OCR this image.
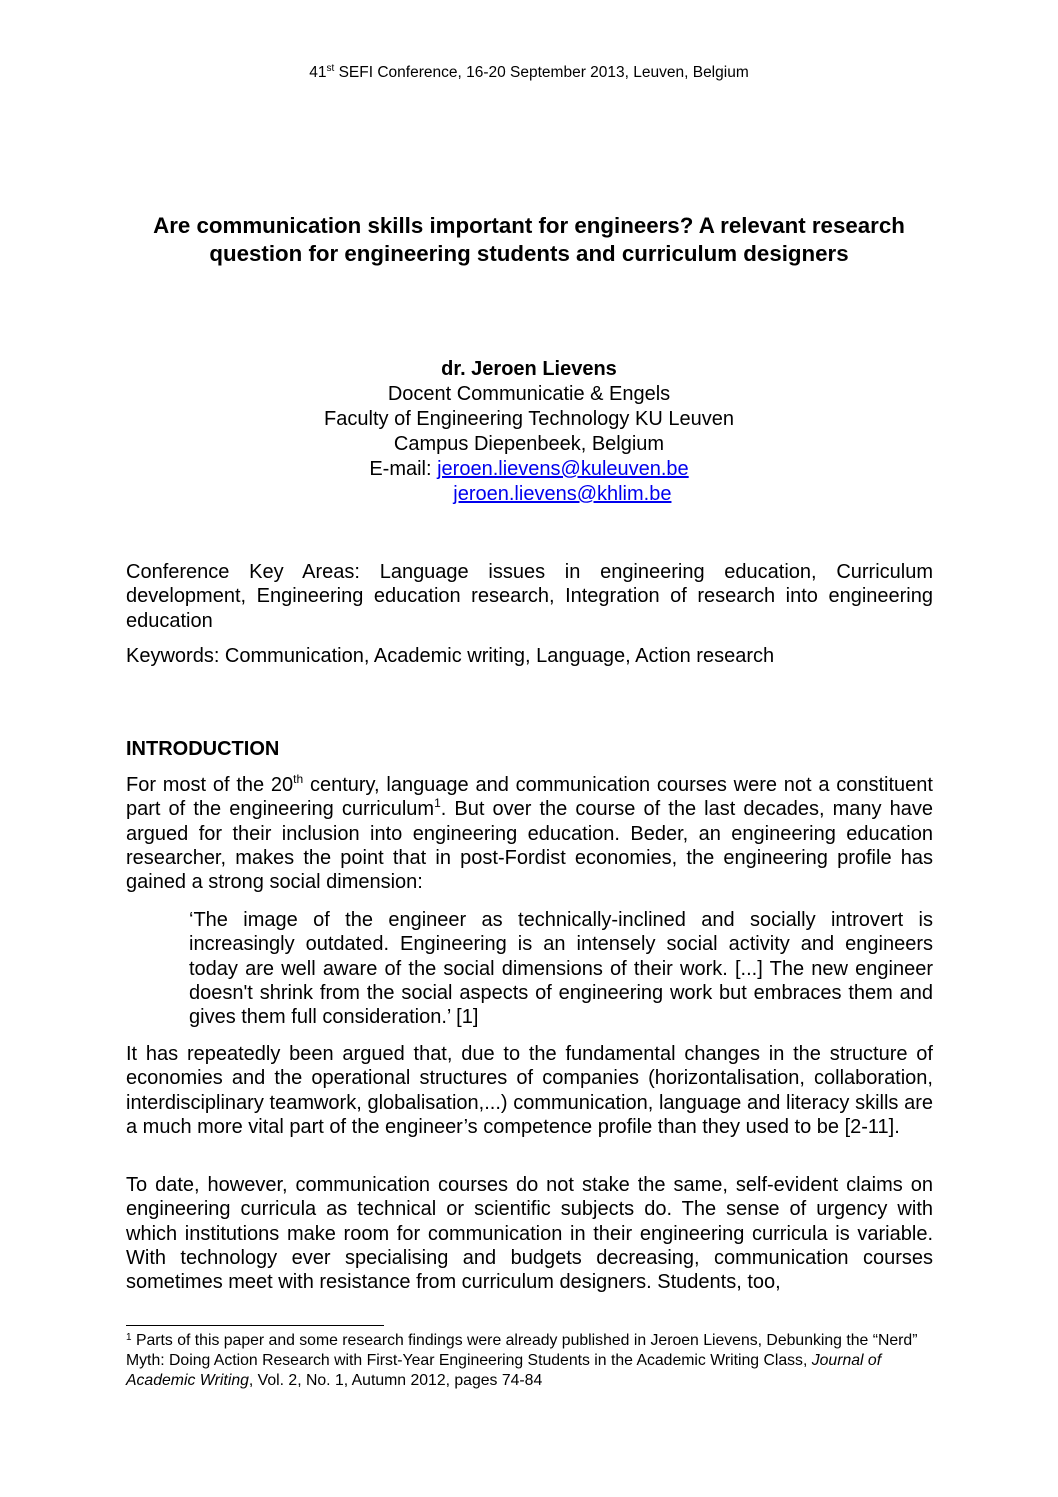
41st SEFI Conference, 16-20 September 2013, Leuven, Belgium
Are communication skills important for engineers? A relevant research question for engineering students and curriculum designers
dr. Jeroen Lievens
Docent Communicatie & Engels
Faculty of Engineering Technology KU Leuven
Campus Diepenbeek, Belgium
E-mail: jeroen.lievens@kuleuven.be
      jeroen.lievens@khlim.be

Conference Key Areas: Language issues in engineering education, Curriculum development, Engineering education research, Integration of research into engineering education

Keywords: Communication, Academic writing, Language, Action research

INTRODUCTION

For most of the 20th century, language and communication courses were not a constituent part of the engineering curriculum$^1$. But over the course of the last decades, many have argued for their inclusion into engineering education. Beder, an engineering education researcher, makes the point that in post-Fordist economies, the engineering profile has gained a strong social dimension:

‘The image of the engineer as technically-inclined and socially introvert is increasingly outdated. Engineering is an intensely social activity and engineers today are well aware of the social dimensions of their work. [...] The new engineer doesn't shrink from the social aspects of engineering work but embraces them and gives them full consideration.’ [1]

It has repeatedly been argued that, due to the fundamental changes in the structure of economies and the operational structures of companies (horizontalisation, collaboration, interdisciplinary teamwork, globalisation,...) communication, language and literacy skills are a much more vital part of the engineer’s competence profile than they used to be [2-11].

To date, however, communication courses do not stake the same, self-evident claims on engineering curricula as technical or scientific subjects do. The sense of urgency with which institutions make room for communication in their engineering curricula is variable. With technology ever specialising and budgets decreasing, communication courses sometimes meet with resistance from curriculum designers. Students, too,

$^1$ Parts of this paper and some research findings were already published in Jeroen Lievens, Debunking the “Nerd” Myth: Doing Action Research with First-Year Engineering Students in the Academic Writing Class, Journal of Academic Writing, Vol. 2, No. 1, Autumn 2012, pages 74-84
